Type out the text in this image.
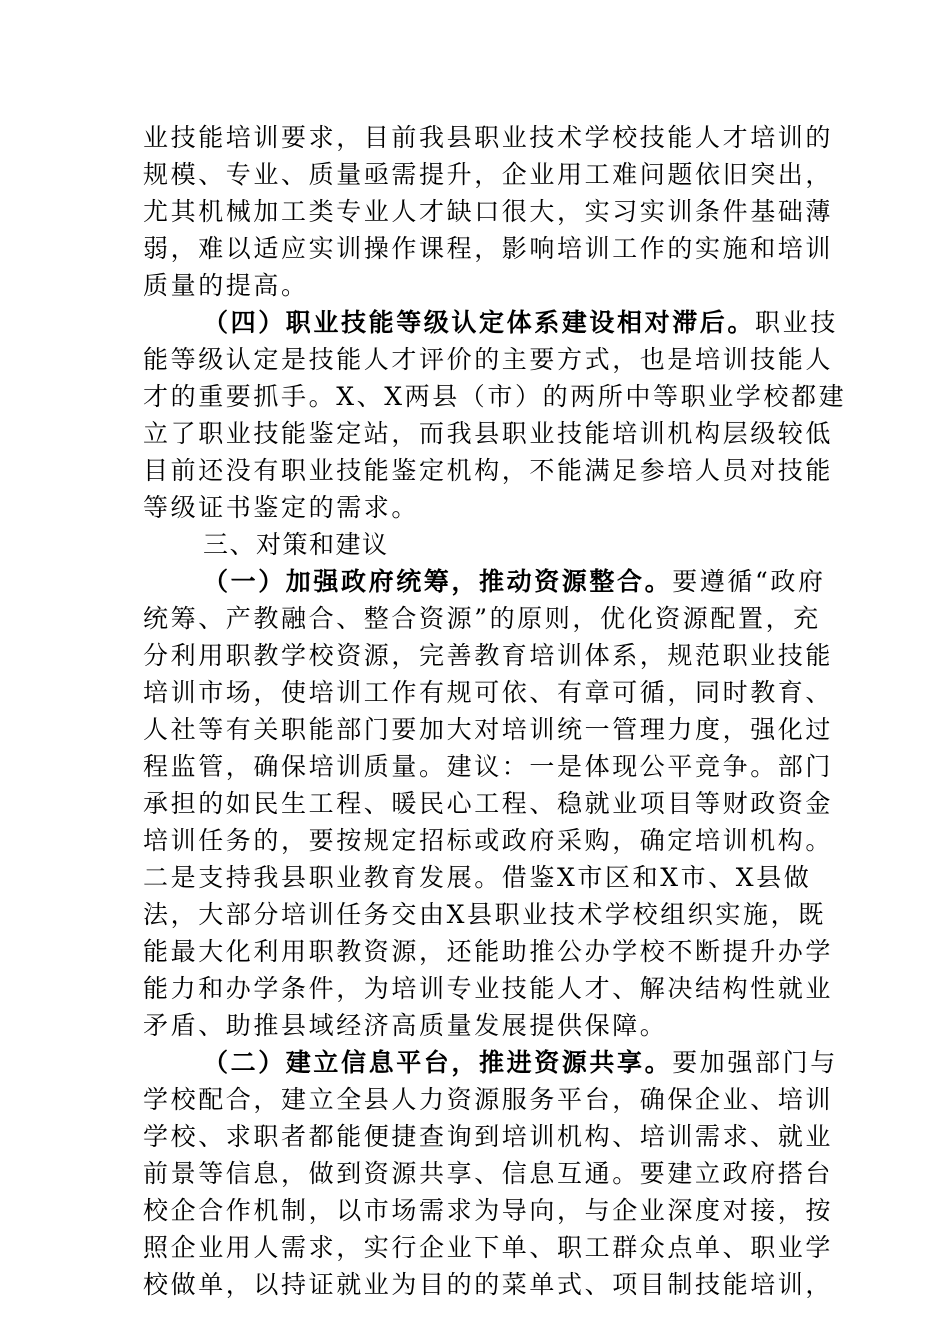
业技能培训要求，目前我县职业技术学校技能人才培训的
规模、专业、质量亟需提升，企业用工难问题依旧突出，
尤其机械加工类专业人才缺口很大，实习实训条件基础薄
弱，难以适应实训操作课程，影响培训工作的实施和培训
质量的提高。
（四）职业技能等级认定体系建设相对滞后。职业技
能等级认定是技能人才评价的主要方式，也是培训技能人
才的重要抓手。X、X两县（市）的两所中等职业学校都建
立了职业技能鉴定站，而我县职业技能培训机构层级较低
目前还没有职业技能鉴定机构，不能满足参培人员对技能
等级证书鉴定的需求。
三、对策和建议
（一）加强政府统筹，推动资源整合。要遵循“政府
统筹、产教融合、整合资源”的原则，优化资源配置，充
分利用职教学校资源，完善教育培训体系，规范职业技能
培训市场，使培训工作有规可依、有章可循，同时教育、
人社等有关职能部门要加大对培训统一管理力度，强化过
程监管，确保培训质量。建议：一是体现公平竞争。部门
承担的如民生工程、暖民心工程、稳就业项目等财政资金
培训任务的，要按规定招标或政府采购，确定培训机构。
二是支持我县职业教育发展。借鉴X市区和X市、X县做
法，大部分培训任务交由X县职业技术学校组织实施，既
能最大化利用职教资源，还能助推公办学校不断提升办学
能力和办学条件，为培训专业技能人才、解决结构性就业
矛盾、助推县域经济高质量发展提供保障。
（二）建立信息平台，推进资源共享。要加强部门与
学校配合，建立全县人力资源服务平台，确保企业、培训
学校、求职者都能便捷查询到培训机构、培训需求、就业
前景等信息，做到资源共享、信息互通。要建立政府搭台
校企合作机制，以市场需求为导向，与企业深度对接，按
照企业用人需求，实行企业下单、职工群众点单、职业学
校做单，以持证就业为目的的菜单式、项目制技能培训，
